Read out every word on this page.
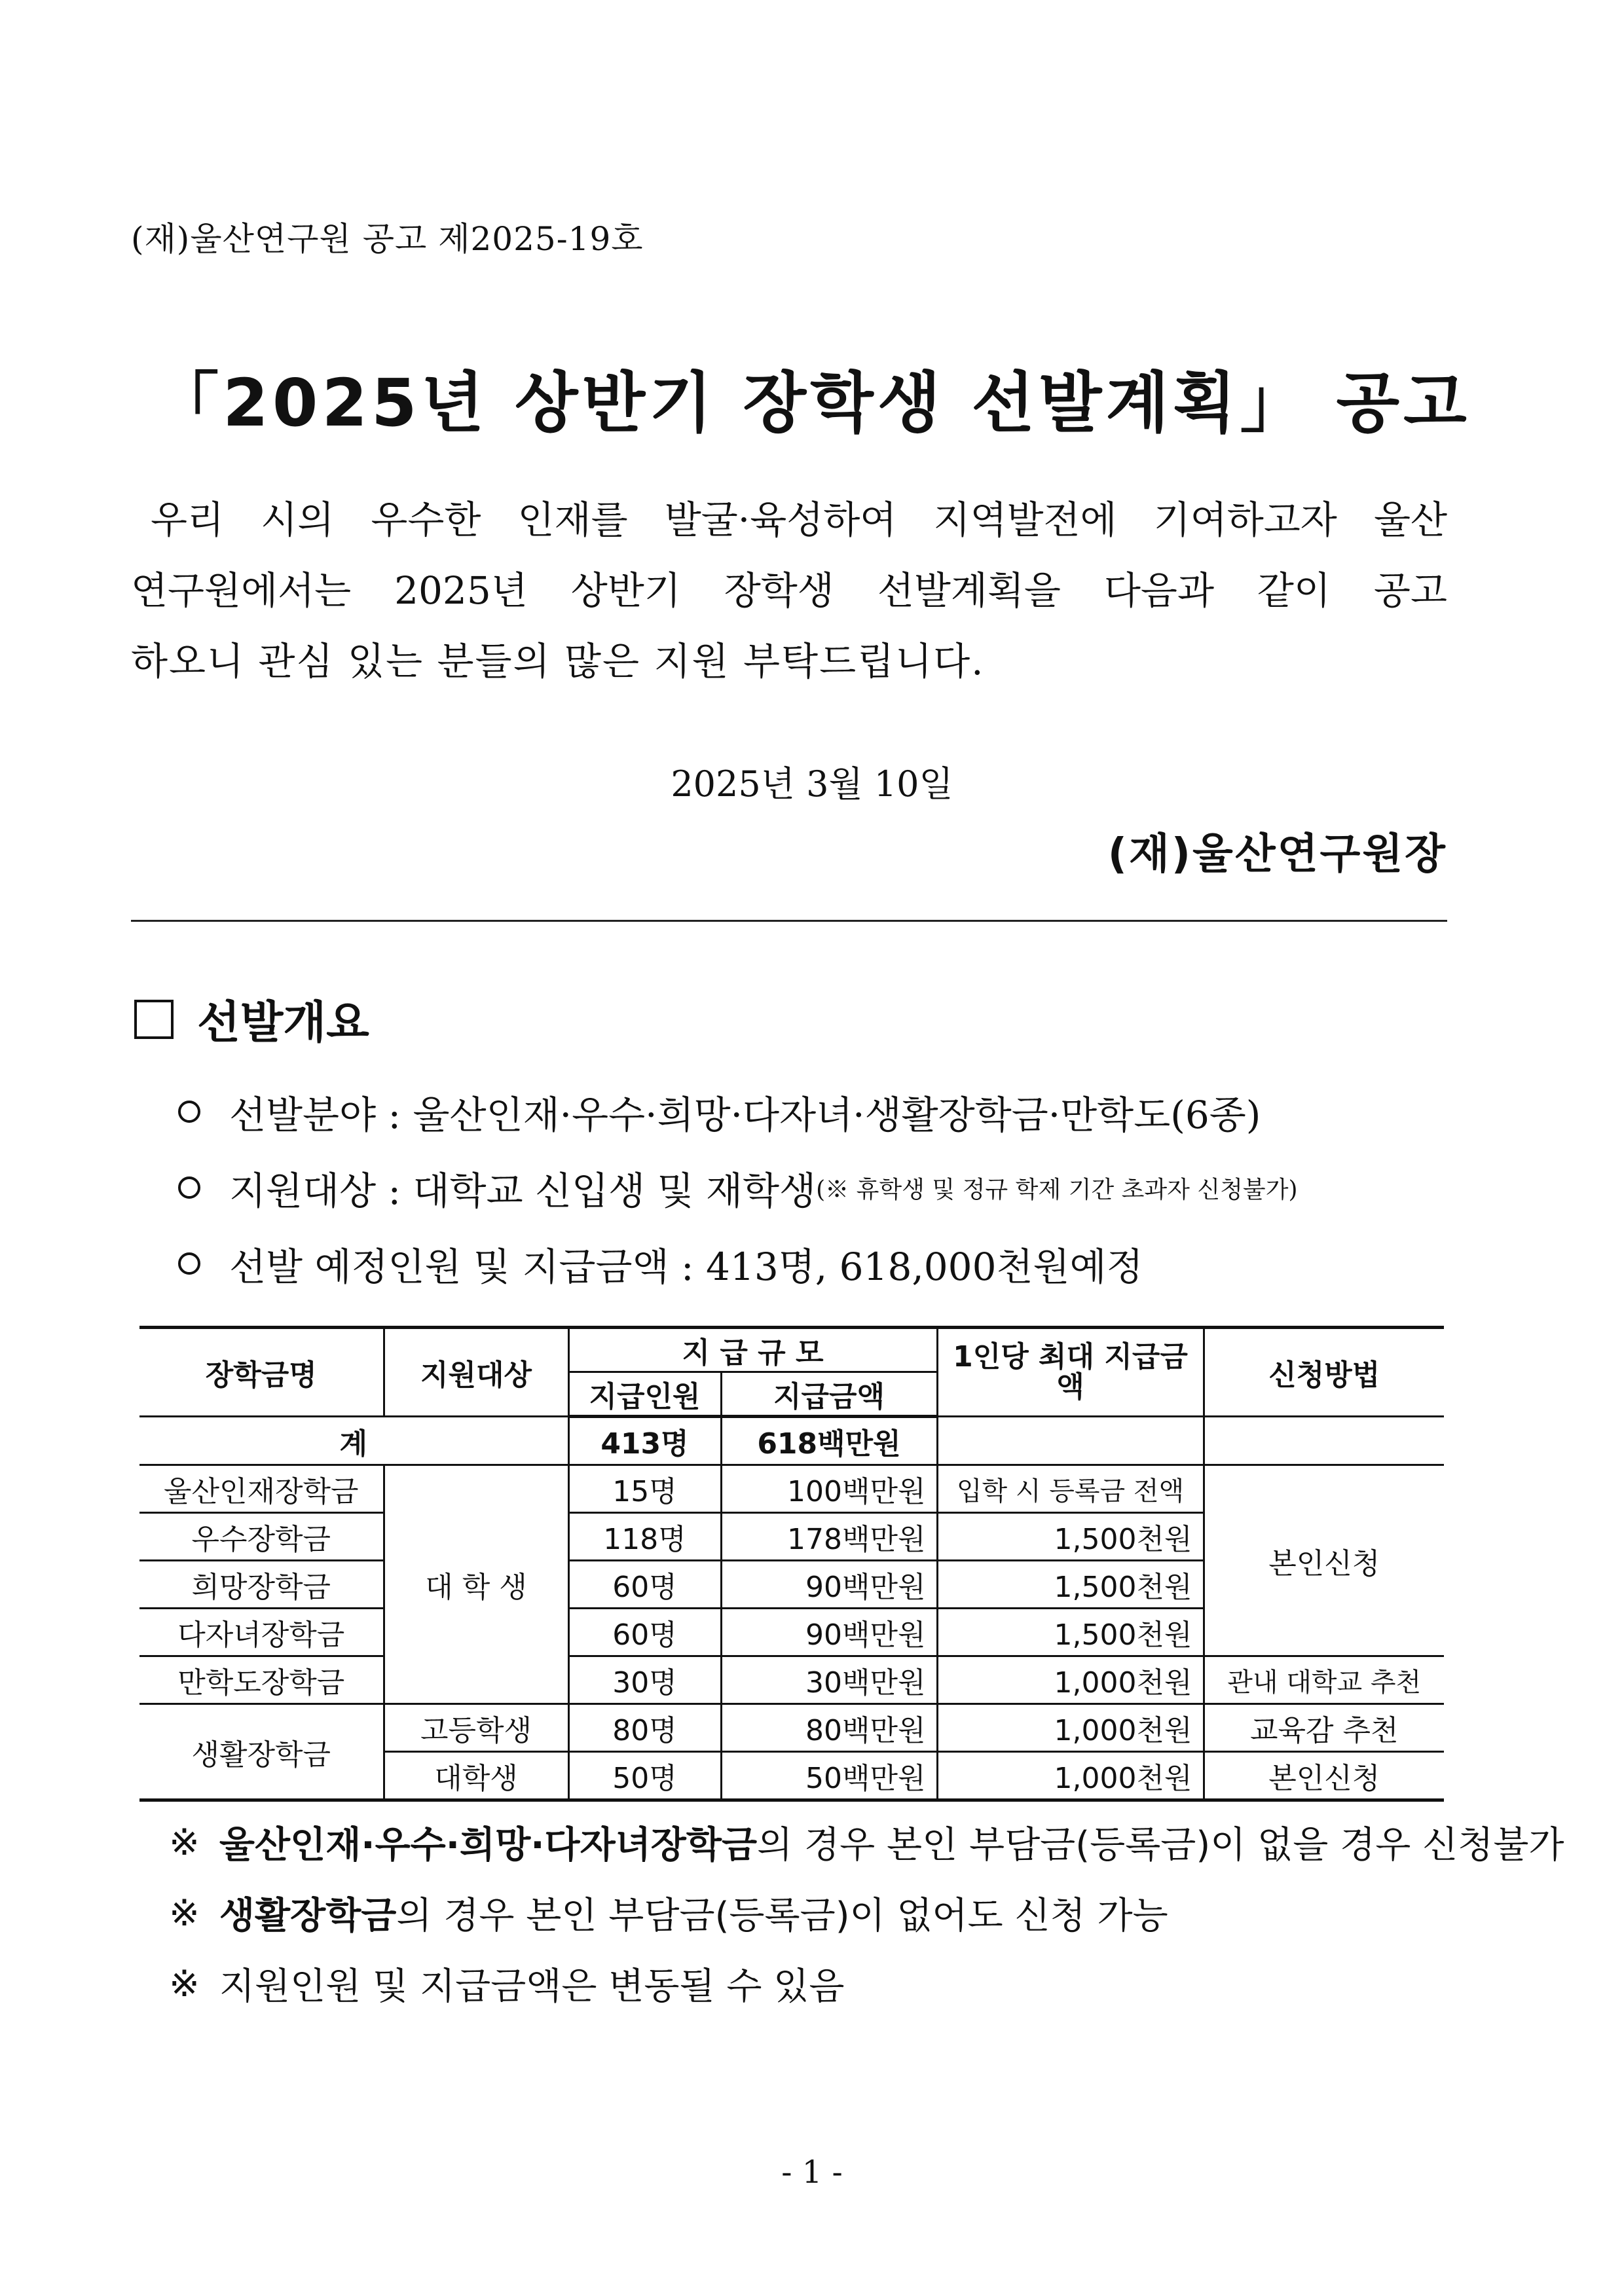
(재)울산연구원 공고 제2025-19호
「2025년 상반기 장학생 선발계획」 공고

우리 시의 우수한 인재를 발굴·육성하여 지역발전에 기여하고자 울산

연구원에서는 2025년 상반기 장학생 선발계획을 다음과 같이 공고

하오니 관심 있는 분들의 많은 지원 부탁드립니다.

2025년 3월 10일
(재)울산연구원장
선발개요
선발분야 : 울산인재·우수·희망·다자녀·생활장학금·만학도(6종)
지원대상 : 대학교 신입생 및 재학생 (※ 휴학생 및 정규 학제 기간 초과자 신청불가)
선발 예정인원 및 지급금액 : 413명, 618,000천원예정
장학금명	지원대상	지 급 규 모		1인당 최대 지급금액	신청방법
		지급인원	지급금액		
계		413명	618백만원		
울산인재장학금	대 학 생	15명	100백만원	입학 시 등록금 전액	본인신청
우수장학금		118명	178백만원	1,500천원	
희망장학금		60명	90백만원	1,500천원	
다자녀장학금		60명	90백만원	1,500천원	
만학도장학금		30명	30백만원	1,000천원	관내 대학교 추천
생활장학금	고등학생	80명	80백만원	1,000천원	교육감 추천
	대학생	50명	50백만원	1,000천원	본인신청
※ 울산인재·우수·희망·다자녀장학금 의 경우 본인 부담금(등록금)이 없을 경우 신청불가
※ 생활장학금 의 경우 본인 부담금(등록금)이 없어도 신청 가능
※ 지원인원 및 지급금액은 변동될 수 있음
- 1 -
